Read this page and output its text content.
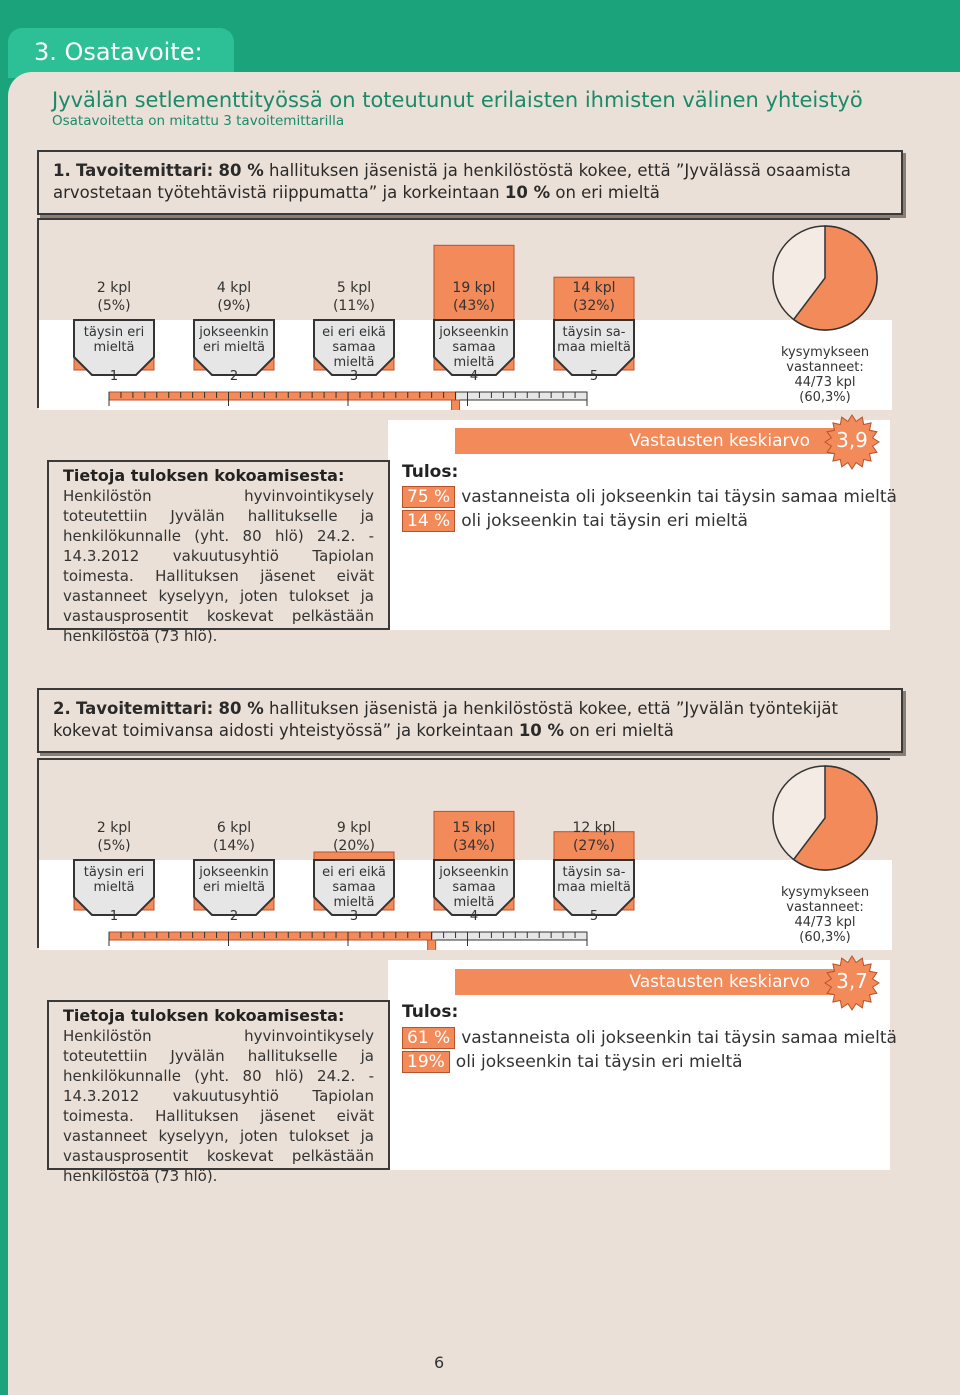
3. Osatavoite:
Jyvälän setlementtityössä on toteutunut erilaisten ihmisten välinen yhteistyö
Osatavoitetta on mitattu 3 tavoitemittarilla
1. Tavoitemittari: 80 % hallituksen jäsenistä ja henkilöstöstä kokee, että ”Jyvälässä osaamista arvostetaan työtehtävistä riippumatta” ja korkeintaan 10 % on eri mieltä
2 kpl
(5%)
täysin eri
mieltä
1
4 kpl
(9%)
jokseenkin
eri mieltä
2
5 kpl
(11%)
ei eri eikä
samaa
mieltä
3
19 kpl
(43%)
jokseenkin
samaa
mieltä
4
14 kpl
(32%)
täysin sa-
maa mieltä
5
kysymykseen
vastanneet:
44/73 kpl
(60,3%)
Tietoja tuloksen kokoamisesta:
Henkilöstön hyvinvointikysely toteutettiin Jyvälän hallitukselle ja henkilökunnalle (yht. 80 hlö) 24.2. - 14.3.2012 vakuutusyhtiö Tapiolan toimesta. Hallituksen jäsenet eivät vastanneet kyselyyn, joten tulokset ja vastausprosentit koskevat pelkästään henkilöstöä (73 hlö).
Vastausten keskiarvo	3,9
Tulos:
75 % vastanneista oli jokseenkin tai täysin samaa mieltä
14 % oli jokseenkin tai täysin eri mieltä
2. Tavoitemittari: 80 % hallituksen jäsenistä ja henkilöstöstä kokee, että ”Jyvälän työntekijät kokevat toimivansa aidosti yhteistyössä” ja korkeintaan 10 % on eri mieltä
2 kpl
(5%)
täysin eri
mieltä
1
6 kpl
(14%)
jokseenkin
eri mieltä
2
9 kpl
(20%)
ei eri eikä
samaa
mieltä
3
15 kpl
(34%)
jokseenkin
samaa
mieltä
4
12 kpl
(27%)
täysin sa-
maa mieltä
5
kysymykseen
vastanneet:
44/73 kpl
(60,3%)
Tietoja tuloksen kokoamisesta:
Henkilöstön hyvinvointikysely toteutettiin Jyvälän hallitukselle ja henkilökunnalle (yht. 80 hlö) 24.2. - 14.3.2012 vakuutusyhtiö Tapiolan toimesta. Hallituksen jäsenet eivät vastanneet kyselyyn, joten tulokset ja vastausprosentit koskevat pelkästään henkilöstöä (73 hlö).
Vastausten keskiarvo	3,7
Tulos:
61 % vastanneista oli jokseenkin tai täysin samaa mieltä
19% oli jokseenkin tai täysin eri mieltä
6
